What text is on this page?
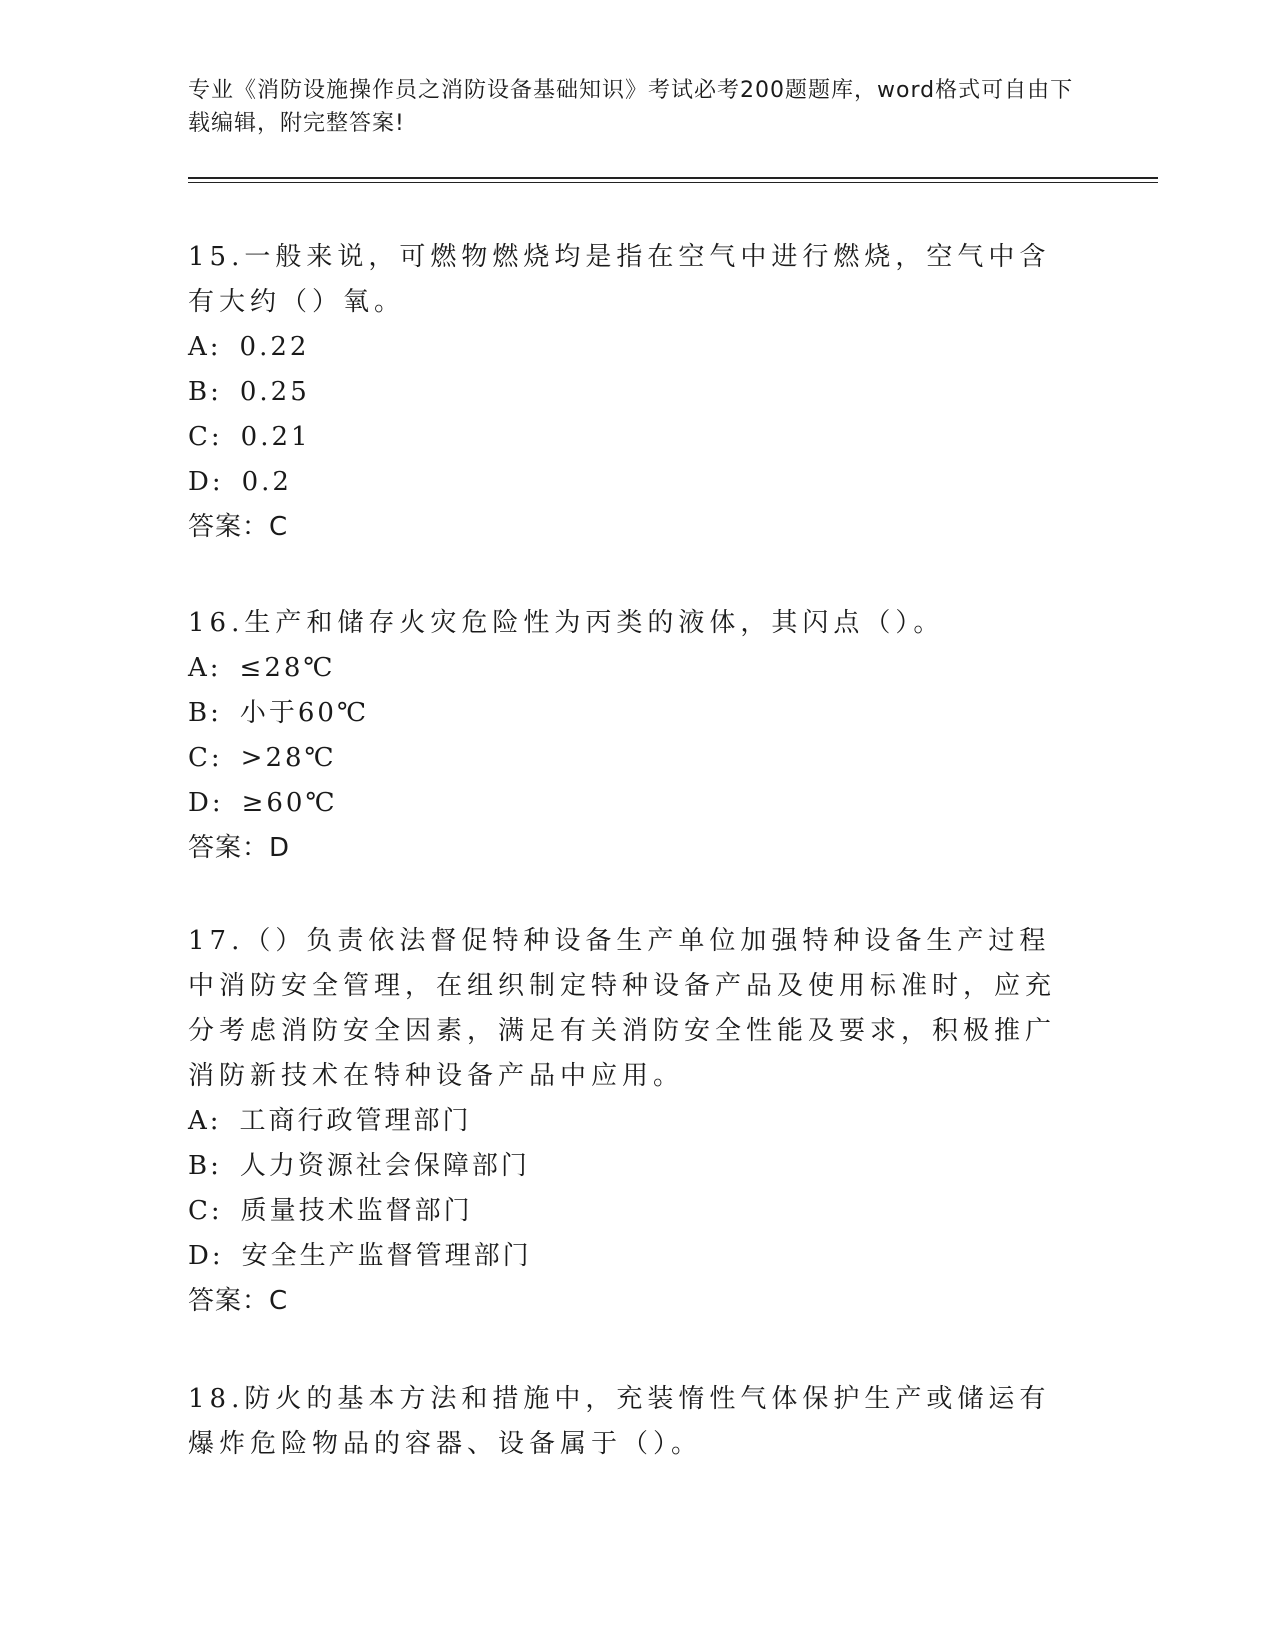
专业《消防设施操作员之消防设备基础知识》考试必考200题题库，word格式可自由下载编辑，附完整答案!

15.一般来说，可燃物燃烧均是指在空气中进行燃烧，空气中含有大约（）氧。

A: 0.22

B: 0.25

C: 0.21

D: 0.2

答案：C

16.生产和储存火灾危险性为丙类的液体，其闪点（）。

A: ≤28℃

B: 小于60℃

C: >28℃

D: ≥60℃

答案：D

17.（）负责依法督促特种设备生产单位加强特种设备生产过程中消防安全管理，在组织制定特种设备产品及使用标准时，应充分考虑消防安全因素，满足有关消防安全性能及要求，积极推广消防新技术在特种设备产品中应用。

A: 工商行政管理部门

B: 人力资源社会保障部门

C: 质量技术监督部门

D: 安全生产监督管理部门

答案：C

18.防火的基本方法和措施中，充装惰性气体保护生产或储运有爆炸危险物品的容器、设备属于（）。
